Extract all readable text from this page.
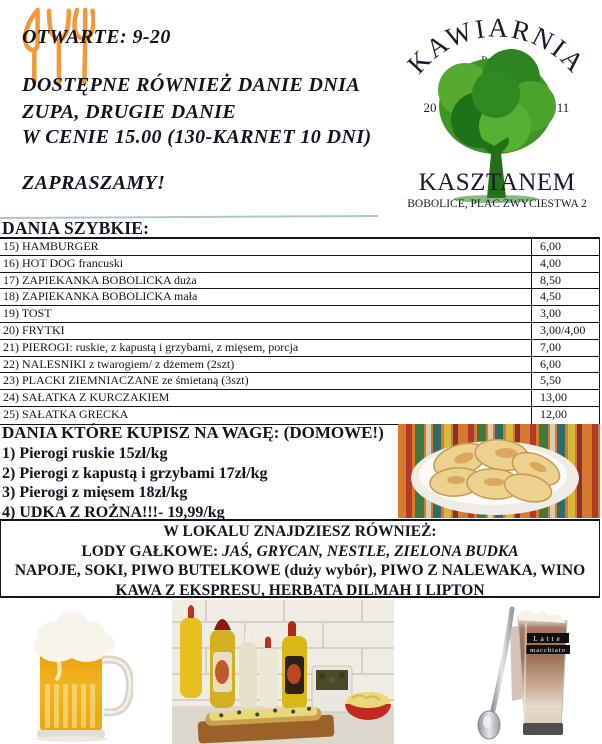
OTWARTE: 9-20
DOSTĘPNE RÓWNIEŻ DANIE DNIA
ZUPA, DRUGIE DANIE
W CENIE 15.00 (130-KARNET 10 DNI)
ZAPRASZAMY!
KAWIARNIA
20	11
KASZTANEM
BOBOLICE, PLAC ZWYCIESTWA 2
DANIA SZYBKIE:
15) HAMBURGER	6,00
16) HOT DOG francuski	4,00
17) ZAPIEKANKA BOBOLICKA duża	8,50
18) ZAPIEKANKA BOBOLICKA mała	4,50
19) TOST	3,00
20) FRYTKI	3,00/4,00
21) PIEROGI: ruskie, z kapustą i grzybami, z mięsem, porcja	7,00
22) NALESNIKI z twarogiem/ z dżemem (2szt)	6,00
23) PLACKI ZIEMNIACZANE ze śmietaną (3szt)	5,50
24) SAŁATKA Z KURCZAKIEM	13,00
25) SAŁATKA GRECKA	12,00
DANIA KTÓRE KUPISZ NA WAGĘ: (DOMOWE!)
1) Pierogi ruskie 15zł/kg
2) Pierogi z kapustą i grzybami 17zł/kg
3) Pierogi z mięsem 18zł/kg
4) UDKA Z ROŻNA!!!- 19,99/kg
W LOKALU ZNAJDZIESZ RÓWNIEŻ:
LODY GAŁKOWE: JAŚ, GRYCAN, NESTLE, ZIELONA BUDKA
NAPOJE, SOKI, PIWO BUTELKOWE (duży wybór), PIWO Z NALEWAKA, WINO
KAWA Z EKSPRESU, HERBATA DILMAH I LIPTON
Latte
macchiato
